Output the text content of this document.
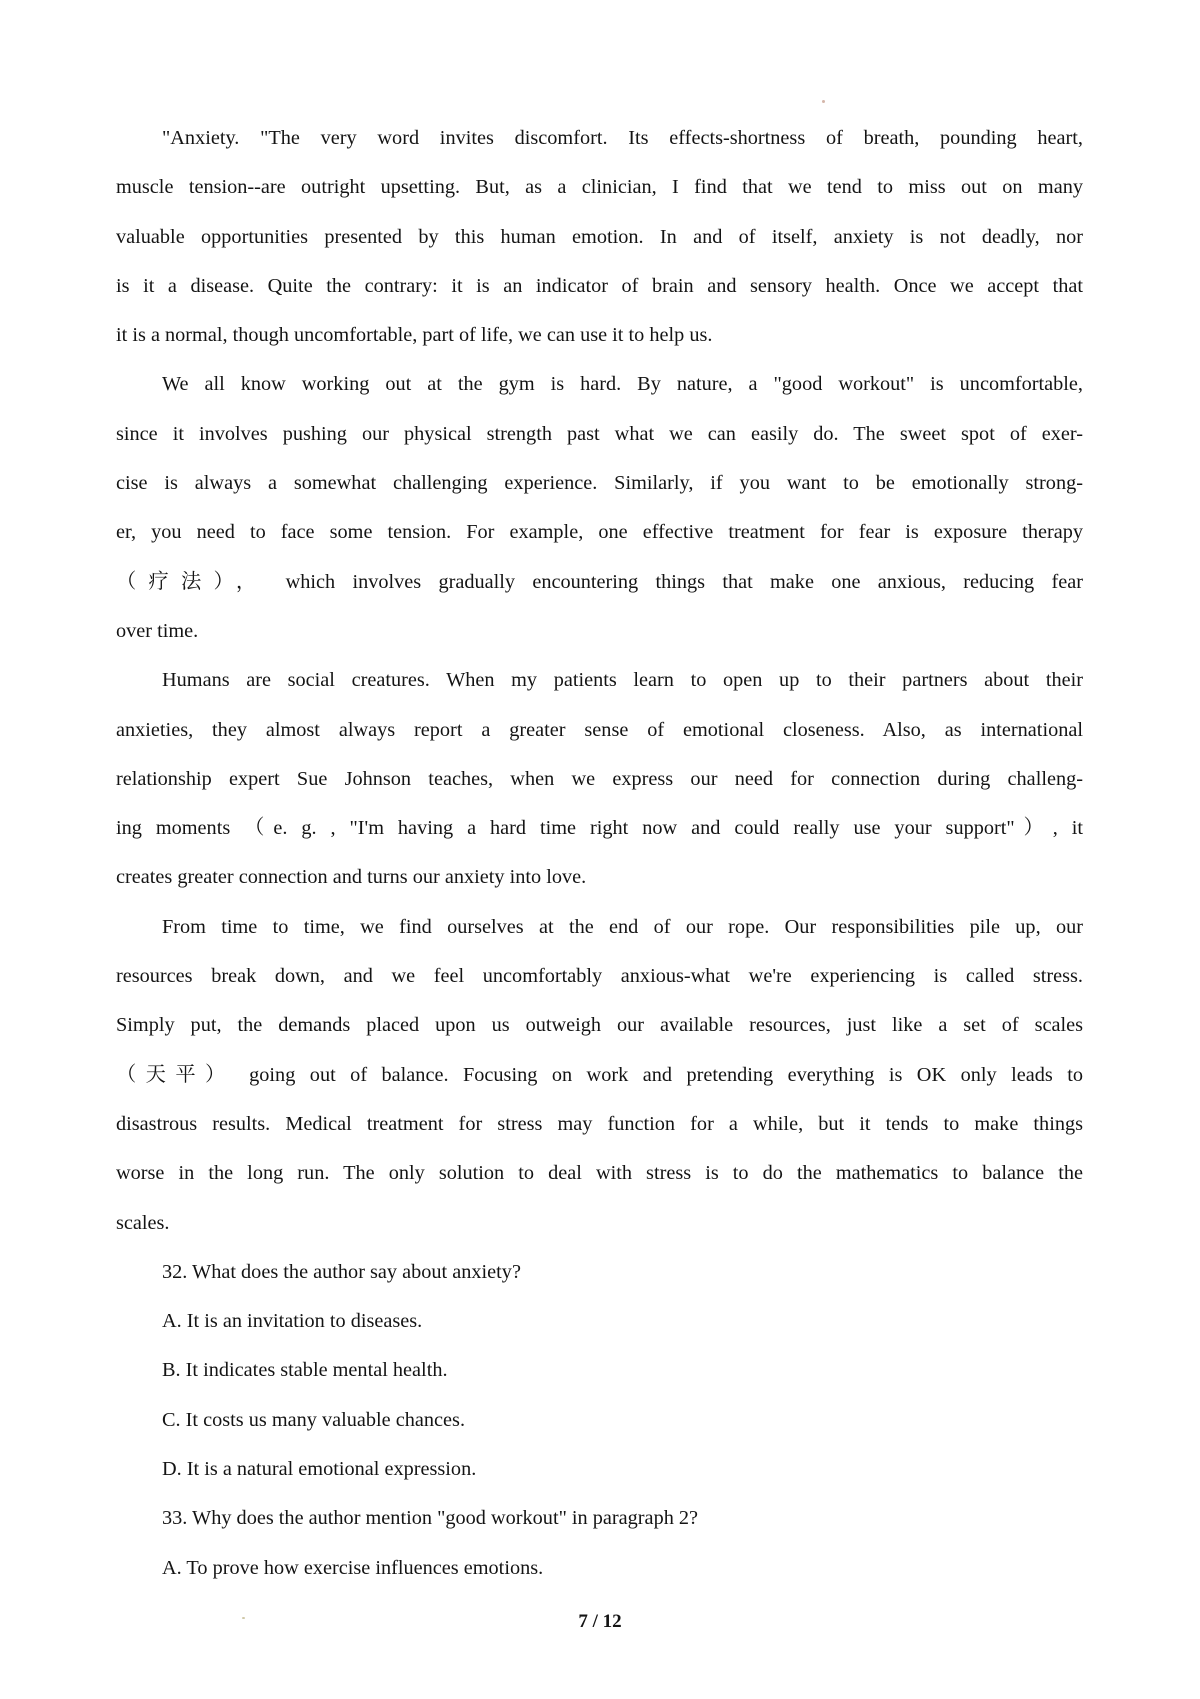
"Anxiety. "The very word invites discomfort. Its effects-shortness of breath, pounding heart,
muscle tension--are outright upsetting. But, as a clinician, I find that we tend to miss out on many
valuable opportunities presented by this human emotion. In and of itself, anxiety is not deadly, nor
is it a disease. Quite the contrary: it is an indicator of brain and sensory health. Once we accept that
it is a normal, though uncomfortable, part of life, we can use it to help us.
We all know working out at the gym is hard. By nature, a "good workout" is uncomfortable,
since it involves pushing our physical strength past what we can easily do. The sweet spot of exer-
cise is always a somewhat challenging experience. Similarly, if you want to be emotionally strong-
er, you need to face some tension. For example, one effective treatment for fear is exposure therapy
（疗法）， which involves gradually encountering things that make one anxious, reducing fear
over time.
Humans are social creatures. When my patients learn to open up to their partners about their
anxieties, they almost always report a greater sense of emotional closeness. Also, as international
relationship expert Sue Johnson teaches, when we express our need for connection during challeng-
ing moments （e. g. , "I'm having a hard time right now and could really use your support"）, it
creates greater connection and turns our anxiety into love.
From time to time, we find ourselves at the end of our rope. Our responsibilities pile up, our
resources break down, and we feel uncomfortably anxious-what we're experiencing is called stress.
Simply put, the demands placed upon us outweigh our available resources, just like a set of scales
（天平） going out of balance. Focusing on work and pretending everything is OK only leads to
disastrous results. Medical treatment for stress may function for a while, but it tends to make things
worse in the long run. The only solution to deal with stress is to do the mathematics to balance the
scales.
32. What does the author say about anxiety?
A. It is an invitation to diseases.
B. It indicates stable mental health.
C. It costs us many valuable chances.
D. It is a natural emotional expression.
33. Why does the author mention "good workout" in paragraph 2?
A. To prove how exercise influences emotions.
7 / 12
